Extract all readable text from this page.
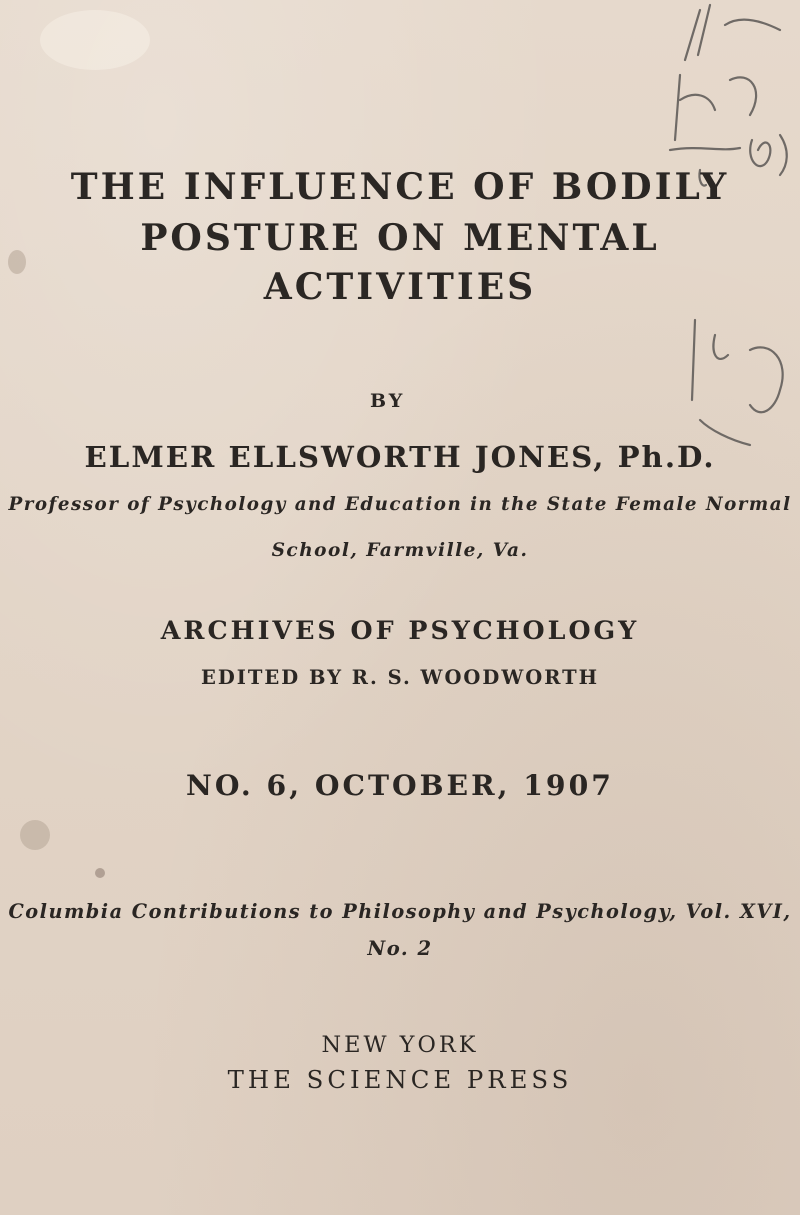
THE INFLUENCE OF BODILY
POSTURE ON MENTAL
ACTIVITIES
BY
ELMER ELLSWORTH JONES, Ph.D.
Professor of Psychology and Education in the State Female Normal
School, Farmville, Va.
ARCHIVES OF PSYCHOLOGY
EDITED BY R. S. WOODWORTH
NO. 6, OCTOBER, 1907
Columbia Contributions to Philosophy and Psychology, Vol. XVI,
No. 2
NEW YORK
THE SCIENCE PRESS
